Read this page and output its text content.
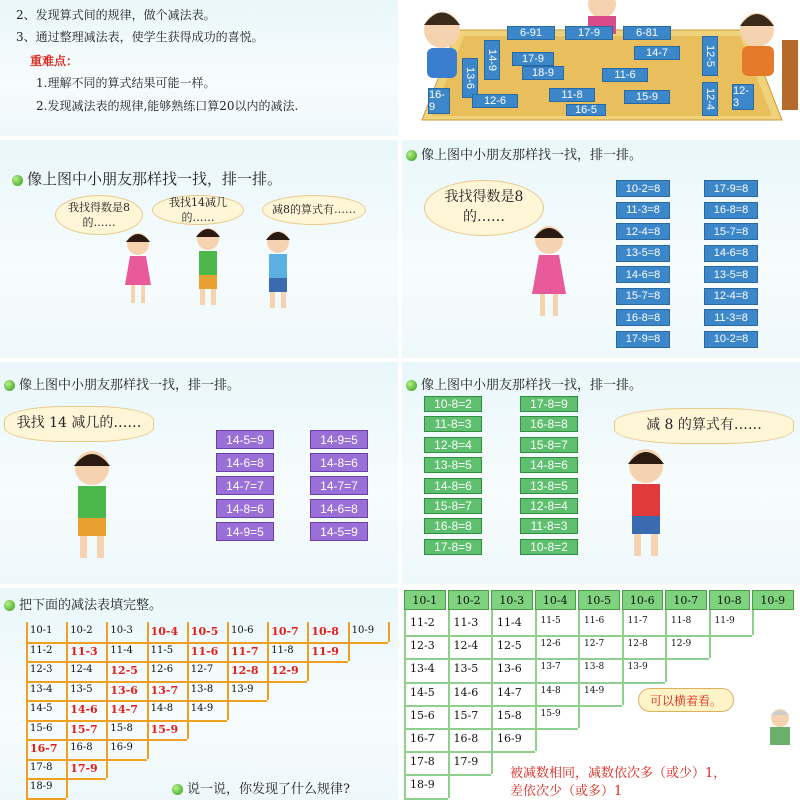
2、发现算式间的规律，做个减法表。
3、通过整理减法表，使学生获得成功的喜悦。
重难点：
1.理解不同的算式结果可能一样。
2.发现减法表的规律,能够熟练口算20以内的减法.
6-91	17-9	6-81
12-5
14-9
12-4
13-6
14-7
17-9
18-9	11-6
16-9
11-8
12-6	15-9	12-3
16-5
像上图中小朋友那样找一找，排一排。
我找得数是8的……
我找14减几的……
减8的算式有……
像上图中小朋友那样找一找，排一排。
我找得数是8的……
10-2=8
11-3=8
12-4=8
13-5=8
14-6=8
15-7=8
16-8=8
17-9=8
17-9=8
16-8=8
15-7=8
14-6=8
13-5=8
12-4=8
11-3=8
10-2=8
像上图中小朋友那样找一找，排一排。
我找 14 减几的……
14-5=9
14-6=8
14-7=7
14-8=6
14-9=5
14-9=5
14-8=6
14-7=7
14-6=8
14-5=9
像上图中小朋友那样找一找，排一排。
减 8 的算式有……
10-8=2
11-8=3
12-8=4
13-8=5
14-8=6
15-8=7
16-8=8
17-8=9
17-8=9
16-8=8
15-8=7
14-8=6
13-8=5
12-8=4
11-8=3
10-8=2
把下面的减法表填完整。
10-1 10-2 10-3 10-4 10-5 10-6 10-7 10-8 10-9
11-2 11-3 11-4 11-5 11-6 11-7 11-8 11-9
12-3 12-4 12-5 12-6 12-7 12-8 12-9
13-4 13-5 13-6 13-7 13-8 13-9
14-5 14-6 14-7 14-8 14-9
15-6 15-7 15-8 15-9
16-7 16-8 16-9
17-8 17-9
18-9	说一说，你发现了什么规律?
10-1	10-2	10-3	10-4	10-5	10-6	10-7	10-8	10-9
11-2 11-3 11-4 11-5	11-6	11-7	11-8	11-9
12-3 12-4 12-5 12-6	12-7	12-8	12-9
13-4 13-5 13-6 13-7	13-8	13-9
14-5 14-6 14-7 14-8	14-9
15-6 15-7 15-8 15-9
16-7 16-8 16-9
17-8 17-9
18-9
可以横着看。
被减数相同，减数依次多（或少）1，
差依次少（或多）1
